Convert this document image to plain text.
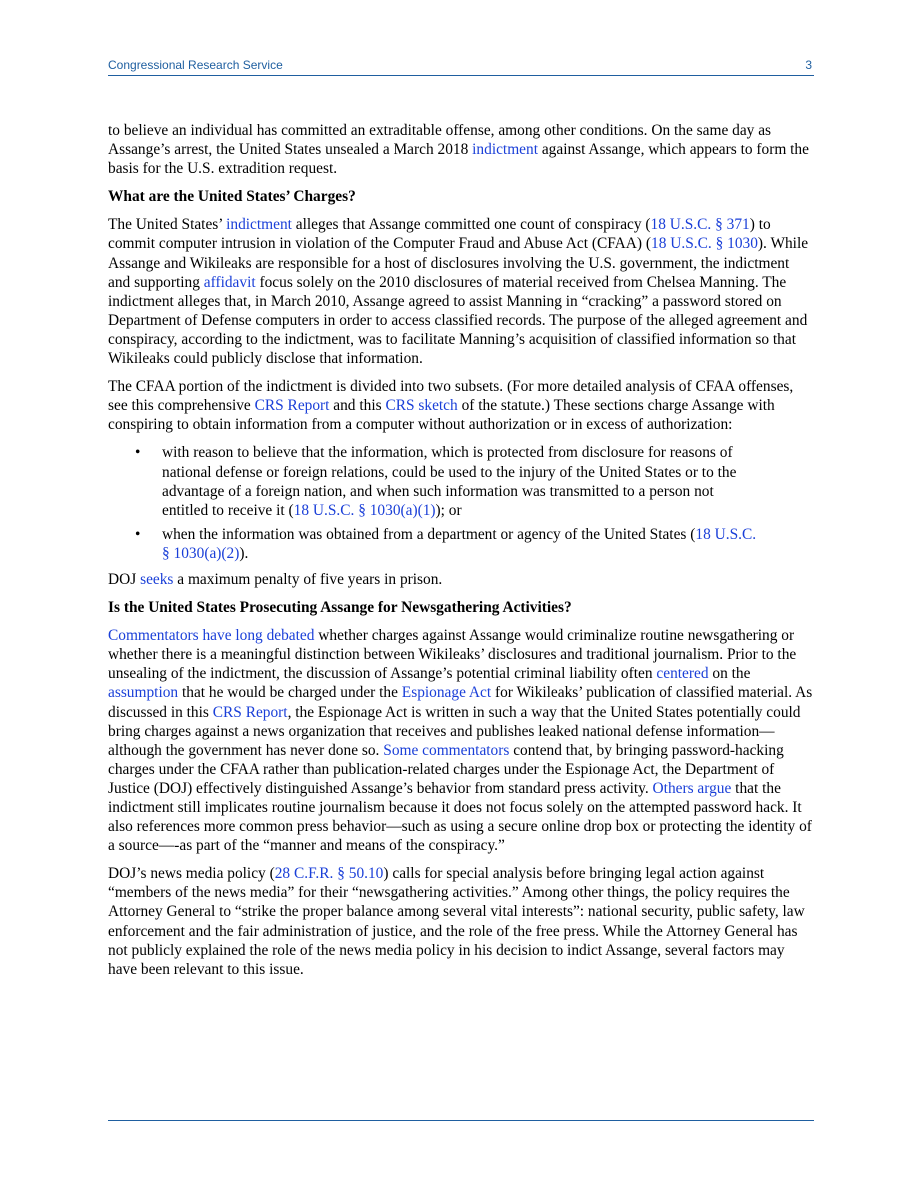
Congressional Research Service	3

to believe an individual has committed an extraditable offense, among other conditions. On the same day as Assange’s arrest, the United States unsealed a March 2018 indictment against Assange, which appears to form the basis for the U.S. extradition request.

What are the United States’ Charges?

The United States’ indictment alleges that Assange committed one count of conspiracy (18 U.S.C. § 371) to commit computer intrusion in violation of the Computer Fraud and Abuse Act (CFAA) (18 U.S.C. § 1030). While Assange and Wikileaks are responsible for a host of disclosures involving the U.S. government, the indictment and supporting affidavit focus solely on the 2010 disclosures of material received from Chelsea Manning. The indictment alleges that, in March 2010, Assange agreed to assist Manning in “cracking” a password stored on Department of Defense computers in order to access classified records. The purpose of the alleged agreement and conspiracy, according to the indictment, was to facilitate Manning’s acquisition of classified information so that Wikileaks could publicly disclose that information.

The CFAA portion of the indictment is divided into two subsets. (For more detailed analysis of CFAA offenses, see this comprehensive CRS Report and this CRS sketch of the statute.) These sections charge Assange with conspiring to obtain information from a computer without authorization or in excess of authorization:

• with reason to believe that the information, which is protected from disclosure for reasons of national defense or foreign relations, could be used to the injury of the United States or to the advantage of a foreign nation, and when such information was transmitted to a person not entitled to receive it (18 U.S.C. § 1030(a)(1)); or
• when the information was obtained from a department or agency of the United States (18 U.S.C. § 1030(a)(2)).

DOJ seeks a maximum penalty of five years in prison.

Is the United States Prosecuting Assange for Newsgathering Activities?

Commentators have long debated whether charges against Assange would criminalize routine newsgathering or whether there is a meaningful distinction between Wikileaks’ disclosures and traditional journalism. Prior to the unsealing of the indictment, the discussion of Assange’s potential criminal liability often centered on the assumption that he would be charged under the Espionage Act for Wikileaks’ publication of classified material. As discussed in this CRS Report, the Espionage Act is written in such a way that the United States potentially could bring charges against a news organization that receives and publishes leaked national defense information—although the government has never done so. Some commentators contend that, by bringing password-hacking charges under the CFAA rather than publication-related charges under the Espionage Act, the Department of Justice (DOJ) effectively distinguished Assange’s behavior from standard press activity. Others argue that the indictment still implicates routine journalism because it does not focus solely on the attempted password hack. It also references more common press behavior—such as using a secure online drop box or protecting the identity of a source—-as part of the “manner and means of the conspiracy.”

DOJ’s news media policy (28 C.F.R. § 50.10) calls for special analysis before bringing legal action against “members of the news media” for their “newsgathering activities.” Among other things, the policy requires the Attorney General to “strike the proper balance among several vital interests”: national security, public safety, law enforcement and the fair administration of justice, and the role of the free press. While the Attorney General has not publicly explained the role of the news media policy in his decision to indict Assange, several factors may have been relevant to this issue.
